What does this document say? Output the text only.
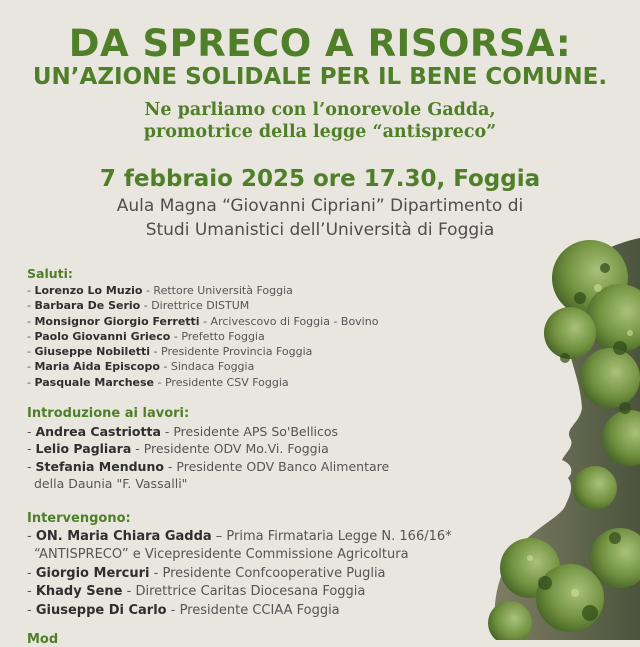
DA SPRECO A RISORSA:
UN’AZIONE SOLIDALE PER IL BENE COMUNE.

Ne parliamo con l’onorevole Gadda,

promotrice della legge “antispreco”

7 febbraio 2025 ore 17.30, Foggia
Aula Magna “Giovanni Cipriani” Dipartimento di
Studi Umanistici dell’Università di Foggia
Saluti:
- Lorenzo Lo Muzio - Rettore Università Foggia
- Barbara De Serio - Direttrice DISTUM
- Monsignor Giorgio Ferretti - Arcivescovo di Foggia - Bovino
- Paolo Giovanni Grieco - Prefetto Foggia
- Giuseppe Nobiletti - Presidente Provincia Foggia
- Maria Aida Episcopo - Sindaca Foggia
- Pasquale Marchese - Presidente CSV Foggia
Introduzione ai lavori:
- Andrea Castriotta - Presidente APS So'Bellicos
- Lelio Pagliara - Presidente ODV Mo.Vi. Foggia
- Stefania Menduno - Presidente ODV Banco Alimentare
della Daunia "F. Vassalli"
Intervengono:
- ON. Maria Chiara Gadda – Prima Firmataria Legge N. 166/16*
“ANTISPRECO” e Vicepresidente Commissione Agricoltura
- Giorgio Mercuri - Presidente Confcooperative Puglia
- Khady Sene - Direttrice Caritas Diocesana Foggia
- Giuseppe Di Carlo - Presidente CCIAA Foggia
Mod
